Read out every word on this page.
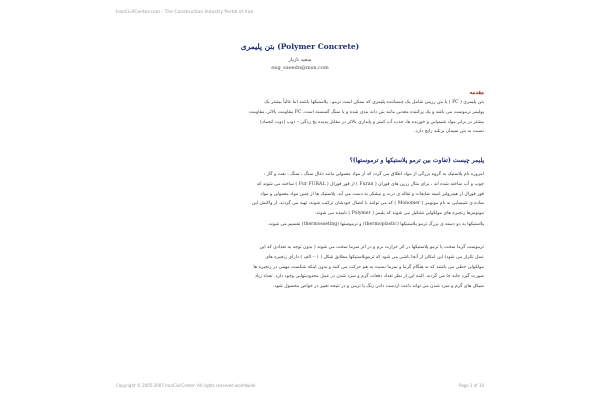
IranCivilCenter.com - The Construction Industry Portal of Iran
بتن پلیمری (Polymer Concrete)
سعید نازیار
eng_saeedn@msn.com
مقدمه
بتن پلیمری ( PC ) یا بتن رزینی شامل یک چسباننده پلیمری که ممکن است ترمو ، پلاستیکها باشند اما غالباً بیشتر یک
پولیمر ترموست می باشد و یک پرکننده معدنی مانند بتن دانه بندی شده و یا سنگ گسسته است. PC مقاومت بالاتر، مقاومت
بیشتر در برابر مواد شیمیایی و خورنده ها، جذب آب کمتر و پایداری بالاتر در مقابل پدیده یخ زدگی – ذوب (ذوب انجماد)
نسبت به بتن سیمان پرتلند رایج دارد.
پلیمر چیست (تفاوت بین ترمو پلاستیکها و ترموستها)؟
امروزه نام پلاستیک به گروه بزرگی از مواد اطلاق می گردد که از مواد معمولی مانند ذغال سنگ ، سنگ ، نفت و گاز ،
چوب و آب ساخته شده اند ، برای مثال رزین های فوران ( Furan ) از فور فورال ( Fur FURAL ) ساخته می شوند که
فور فورال از هیدرولیز امینه ضایعات و تفاله ی ذرت و نیشکر به دست می آید. پلاستیک ها از چنین مواد معمولی و مواد
ساده ی شیمیایی به نام مونومر ( Monomer ) که می توانند با اتصال خودشان ترکیب شوند، تهیه می گردند. از واکنش این
مونومرها زنجیره های مولکولی تشکیل می شوند که پلیمر ( Polymer ) نامیده می شوند.
پلاستیکها به دو دسته ی بزرگ ترمو پلاستیکها (thermoplastic) و ترموستها (thermosseting) تقسیم می شوند.
ترموست گرما سخت یا ترمو پلاستیکها در اثر حرارت نرم و در اثر سرما سخت می شوند ( بدون توجه به تعدادی که این
عمل تکرار می شود) این امکان از آنجا ناشی می شود که ترموپلاستیکها مطابق شکل ( ۱ – الف ) دارای زنجیره های
مولکولی خطی می باشند که به هنگام گرما و سرما نسبت به هم حرکت می کنند و بدون اینکه شکست مهمی در زنجیره ها
صورت گیرد جابه جا می گردند. البته این از نظر تعداد دفعات گرم و سرد شدن در عمل محدودیتهایی وجود دارد. تعداد زیاد
سیکل های گرم و سرد شدن می تواند باعث ازدست دادن رنگ یا ترمی و در نتیجه تغییر در خواص محصول شود.
Copyright © 2005-2007 IranCivilCenter. All rights reserved worldwide.	Page 1 of 10
